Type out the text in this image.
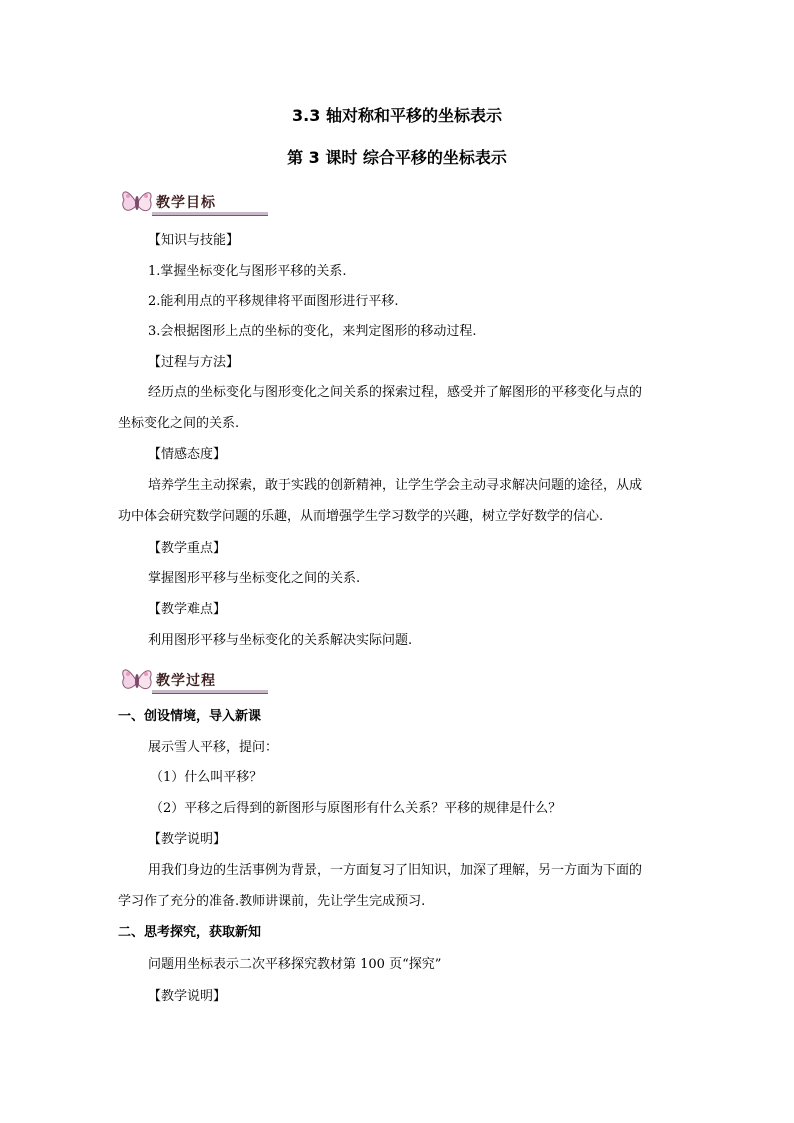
3.3 轴对称和平移的坐标表示
第 3 课时 综合平移的坐标表示
教学目标
【知识与技能】
1.掌握坐标变化与图形平移的关系.
2.能利用点的平移规律将平面图形进行平移.
3.会根据图形上点的坐标的变化，来判定图形的移动过程.
【过程与方法】
经历点的坐标变化与图形变化之间关系的探索过程，感受并了解图形的平移变化与点的
坐标变化之间的关系.
【情感态度】
培养学生主动探索，敢于实践的创新精神，让学生学会主动寻求解决问题的途径，从成
功中体会研究数学问题的乐趣，从而增强学生学习数学的兴趣，树立学好数学的信心.
【教学重点】
掌握图形平移与坐标变化之间的关系.
【教学难点】
利用图形平移与坐标变化的关系解决实际问题.
教学过程
一、创设情境，导入新课
展示雪人平移，提问：
（1）什么叫平移？
（2）平移之后得到的新图形与原图形有什么关系？平移的规律是什么？
【教学说明】
用我们身边的生活事例为背景，一方面复习了旧知识，加深了理解，另一方面为下面的
学习作了充分的准备.教师讲课前，先让学生完成预习.
二、思考探究，获取新知
问题用坐标表示二次平移探究教材第 100 页“探究”
【教学说明】
